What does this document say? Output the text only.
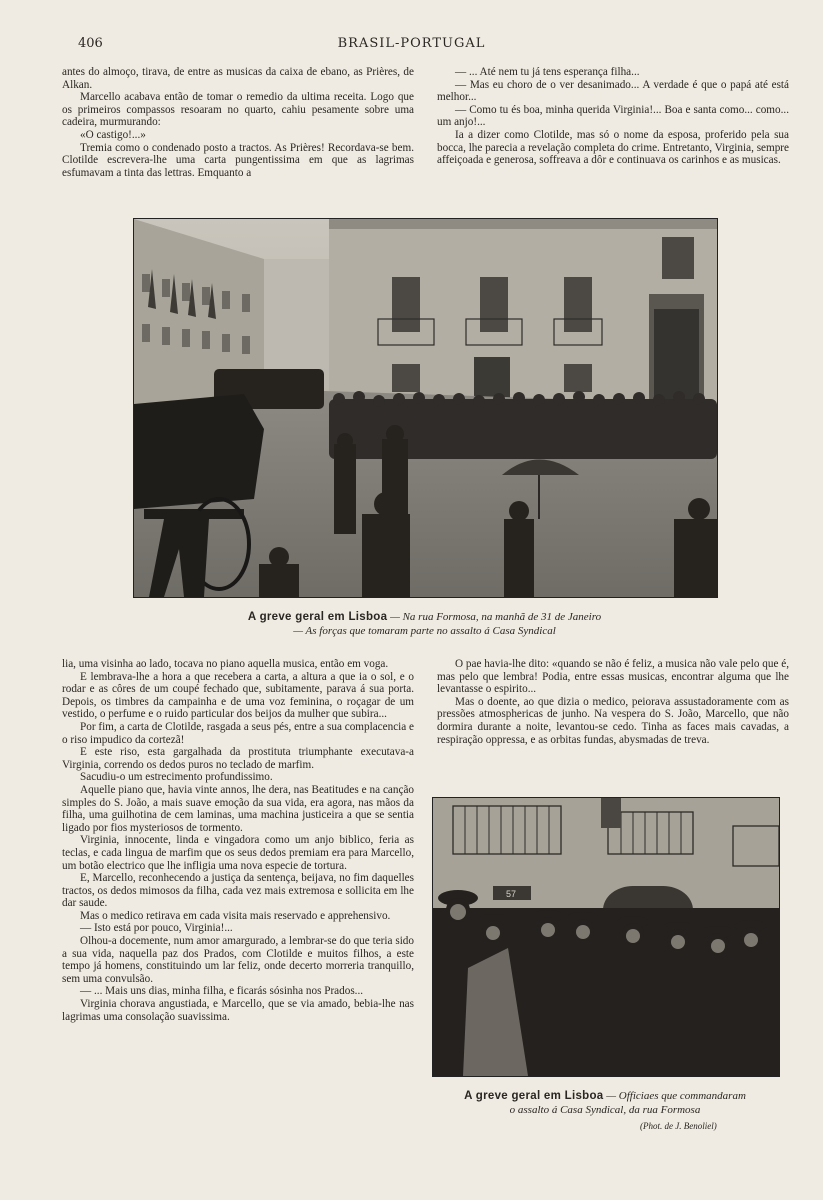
406	BRASIL-PORTUGAL

antes do almoço, tirava, de entre as musicas da caixa de ebano, as Prières, de Alkan.

Marcello acabava então de tomar o remedio da ultima receita. Logo que os primeiros compassos resoaram no quarto, cahiu pesamente sobre uma cadeira, murmurando:

«O castigo!...»

Tremia como o condenado posto a tractos. As Prières! Recordava-se bem. Clotilde escrevera-lhe uma carta pungentissima em que as lagrimas esfumavam a tinta das lettras. Emquanto a

— ... Até nem tu já tens esperança filha...

— Mas eu choro de o ver desanimado... A verdade é que o papá até está melhor...

— Como tu és boa, minha querida Virginia!... Boa e santa como... como... um anjo!...

Ia a dizer como Clotilde, mas só o nome da esposa, proferido pela sua bocca, lhe parecia a revelação completa do crime. Entretanto, Virginia, sempre affeiçoada e generosa, soffreava a dôr e continuava os carinhos e as musicas.

A greve geral em Lisboa — Na rua Formosa, na manhã de 31 de Janeiro
— As forças que tomaram parte no assalto á Casa Syndical

lia, uma visinha ao lado, tocava no piano aquella musica, então em voga.

E lembrava-lhe a hora a que recebera a carta, a altura a que ia o sol, e o rodar e as côres de um coupé fechado que, subitamente, parava á sua porta. Depois, os timbres da campainha e de uma voz feminina, o roçagar de um vestido, o perfume e o ruido particular dos beijos da mulher que subira...

Por fim, a carta de Clotilde, rasgada a seus pés, entre a sua complacencia e o riso impudico da cortezã!

E este riso, esta gargalhada da prostituta triumphante executava-a Virginia, correndo os dedos puros no teclado de marfim.

Sacudiu-o um estrecimento profundissimo.

Aquelle piano que, havia vinte annos, lhe dera, nas Beatitudes e na canção simples do S. João, a mais suave emoção da sua vida, era agora, nas mãos da filha, uma guilhotina de cem laminas, uma machina justiceira a que se sentia ligado por fios mysteriosos de tormento.

Virginia, innocente, linda e vingadora como um anjo biblico, feria as teclas, e cada lingua de marfim que os seus dedos premiam era para Marcello, um botão electrico que lhe infligia uma nova especie de tortura.

E, Marcello, reconhecendo a justiça da sentença, beijava, no fim daquelles tractos, os dedos mimosos da filha, cada vez mais extremosa e sollicita em lhe dar saude.

Mas o medico retirava em cada visita mais reservado e apprehensivo.

— Isto está por pouco, Virginia!...

Olhou-a docemente, num amor amargurado, a lembrar-se do que teria sido a sua vida, naquella paz dos Prados, com Clotilde e muitos filhos, a este tempo já homens, constituindo um lar feliz, onde decerto morreria tranquillo, sem uma convulsão.

— ... Mais uns dias, minha filha, e ficarás sósinha nos Prados...

Virginia chorava angustiada, e Marcello, que se via amado, bebia-lhe nas lagrimas uma consolação suavissima.

O pae havia-lhe dito: «quando se não é feliz, a musica não vale pelo que é, mas pelo que lembra! Podia, entre essas musicas, encontrar alguma que lhe levantasse o espirito...

Mas o doente, ao que dizia o medico, peiorava assustadoramente com as pressões atmosphericas de junho. Na vespera do S. João, Marcello, que não dormira durante a noite, levantou-se cedo. Tinha as faces mais cavadas, a respiração oppressa, e as orbitas fundas, abysmadas de treva.

57
A greve geral em Lisboa — Officiaes que commandaram
o assalto á Casa Syndical, da rua Formosa
(Phot. de J. Benoliel)
